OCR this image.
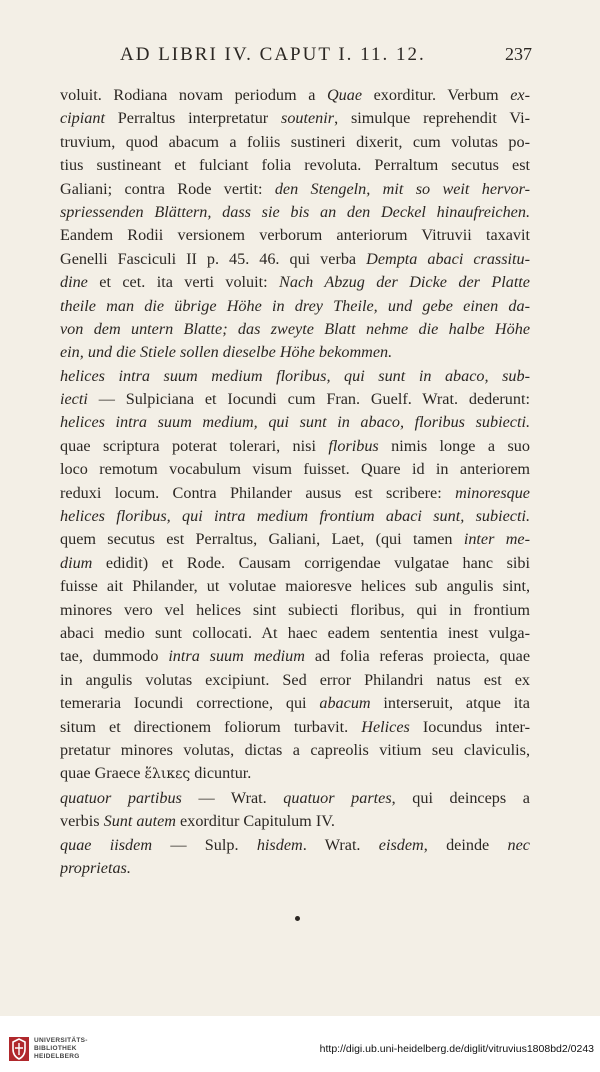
AD LIBRI IV. CAPUT I. 11. 12.	237
voluit. Rodiana novam periodum a Quae exorditur. Verbum ex-
cipiant Perraltus interpretatur soutenir, simulque reprehendit Vi-
truvium, quod abacum a foliis sustineri dixerit, cum volutas po-
tius sustineant et fulciant folia revoluta. Perraltum secutus est
Galiani; contra Rode vertit: den Stengeln, mit so weit hervor-
spriessenden Blättern, dass sie bis an den Deckel hinaufreichen.
Eandem Rodii versionem verborum anteriorum Vitruvii taxavit
Genelli Fasciculi II p. 45. 46. qui verba Dempta abaci crassitu-
dine et cet. ita verti voluit: Nach Abzug der Dicke der Platte
theile man die übrige Höhe in drey Theile, und gebe einen da-
von dem untern Blatte; das zweyte Blatt nehme die halbe Höhe
ein, und die Stiele sollen dieselbe Höhe bekommen.
helices intra suum medium floribus, qui sunt in abaco, sub-
iecti — Sulpiciana et Iocundi cum Fran. Guelf. Wrat. dederunt:
helices intra suum medium, qui sunt in abaco, floribus subiecti.
quae scriptura poterat tolerari, nisi floribus nimis longe a suo
loco remotum vocabulum visum fuisset. Quare id in anteriorem
reduxi locum. Contra Philander ausus est scribere: minoresque
helices floribus, qui intra medium frontium abaci sunt, subiecti.
quem secutus est Perraltus, Galiani, Laet, (qui tamen inter me-
dium edidit) et Rode. Causam corrigendae vulgatae hanc sibi
fuisse ait Philander, ut volutae maioresve helices sub angulis sint,
minores vero vel helices sint subiecti floribus, qui in frontium
abaci medio sunt collocati. At haec eadem sententia inest vulga-
tae, dummodo intra suum medium ad folia referas proiecta, quae
in angulis volutas excipiunt. Sed error Philandri natus est ex
temeraria Iocundi correctione, qui abacum interseruit, atque ita
situm et directionem foliorum turbavit. Helices Iocundus inter-
pretatur minores volutas, dictas a capreolis vitium seu claviculis,
quae Graece ἕλικες dicuntur.
quatuor partibus — Wrat. quatuor partes, qui deinceps a
verbis Sunt autem exorditur Capitulum IV.
quae iisdem — Sulp. hisdem. Wrat. eisdem, deinde nec
proprietas.
UNIVERSITÄTS-
BIBLIOTHEK
HEIDELBERG
http://digi.ub.uni-heidelberg.de/diglit/vitruvius1808bd2/0243
